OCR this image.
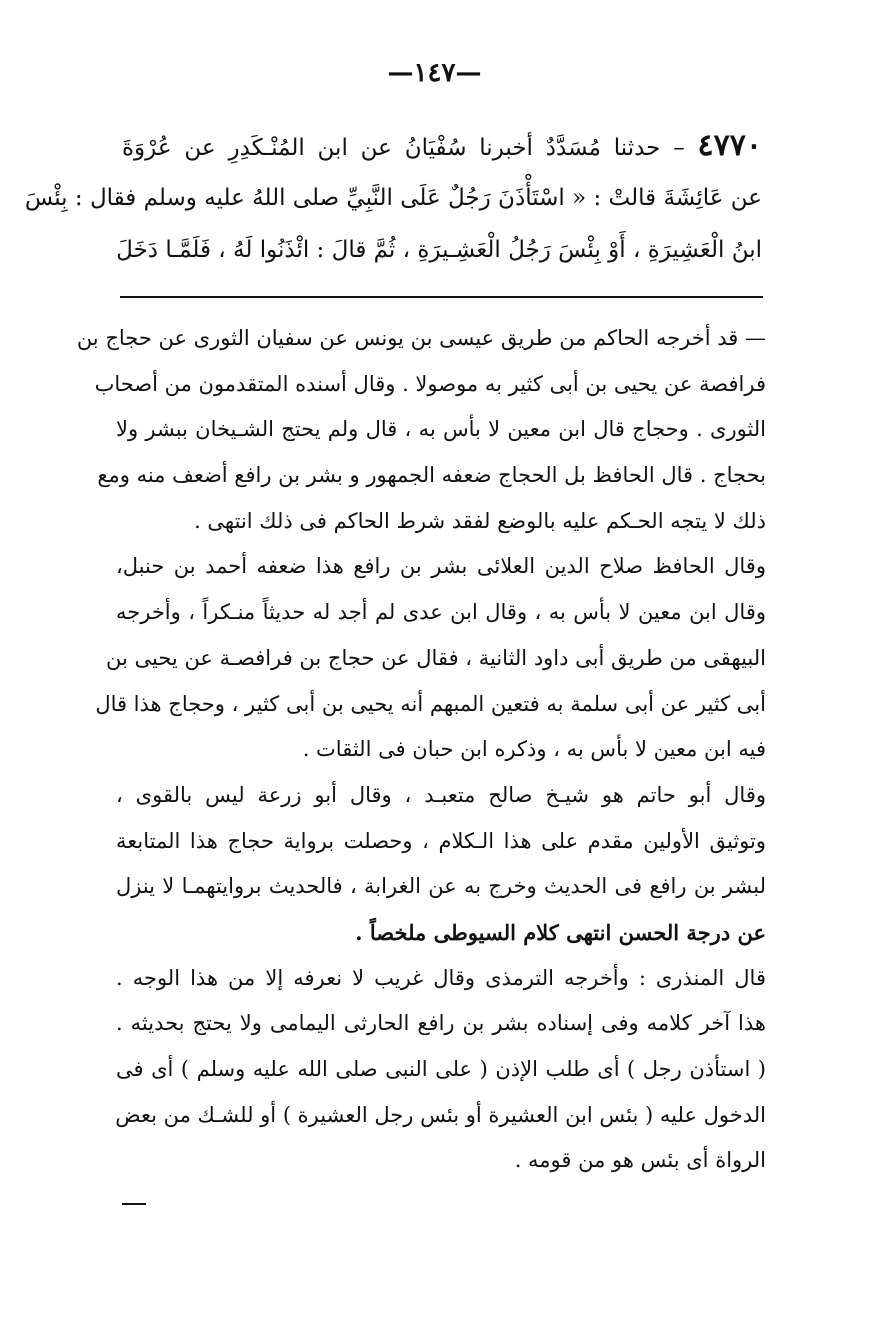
—١٤٧—
٤٧٧٠ – حدثنا مُسَدَّدٌ أخبرنا سُفْيَانُ عن ابن المُنْـكَدِرِ عن عُرْوَةَ
عن عَائِشَةَ قالتْ : « اسْتَأْذَنَ رَجُلٌ عَلَى النَّبِيِّ صلى اللهُ عليه وسلم فقال : بِئْسَ
ابنُ الْعَشِيرَةِ ، أَوْ بِئْسَ رَجُلُ الْعَشِـيرَةِ ، ثُمَّ قالَ : ائْذَنُوا لَهُ ، فَلَمَّـا دَخَلَ
— قد أخرجه الحاكم من طريق عيسى بن يونس عن سفيان الثورى عن حجاج بن
فرافصة عن يحيى بن أبى كثير به موصولا . وقال أسنده المتقدمون من أصحاب
الثورى . وحجاج قال ابن معين لا بأس به ، قال ولم يحتج الشـيخان ببشر ولا
بحجاج . قال الحافظ بل الحجاج ضعفه الجمهور و بشر بن رافع أضعف منه ومع
ذلك لا يتجه الحـكم عليه بالوضع لفقد شرط الحاكم فى ذلك انتهى .
وقال الحافظ صلاح الدين العلائى بشر بن رافع هذا ضعفه أحمد بن حنبل،
وقال ابن معين لا بأس به ، وقال ابن عدى لم أجد له حديثاً منـكراً ، وأخرجه
البيهقى من طريق أبى داود الثانية ، فقال عن حجاج بن فرافصـة عن يحيى بن
أبى كثير عن أبى سلمة به فتعين المبهم أنه يحيى بن أبى كثير ، وحجاج هذا قال
فيه ابن معين لا بأس به ، وذكره ابن حبان فى الثقات .
وقال أبو حاتم هو شيـخ صالح متعبـد ، وقال أبو زرعة ليس بالقوى ،
وتوثيق الأولين مقدم على هذا الـكلام ، وحصلت برواية حجاج هذا المتابعة
لبشر بن رافع فى الحديث وخرج به عن الغرابة ، فالحديث بروايتهمـا لا ينزل
عن درجة الحسن انتهى كلام السيوطى ملخصاً .
قال المنذرى : وأخرجه الترمذى وقال غريب لا نعرفه إلا من هذا الوجه .
هذا آخر كلامه وفى إسناده بشر بن رافع الحارثى اليمامى ولا يحتج بحديثه .
( استأذن رجل ) أى طلب الإذن ( على النبى صلى الله عليه وسلم ) أى فى
الدخول عليه ( بئس ابن العشيرة أو بئس رجل العشيرة ) أو للشـك من بعض
الرواة أى بئس هو من قومه .
